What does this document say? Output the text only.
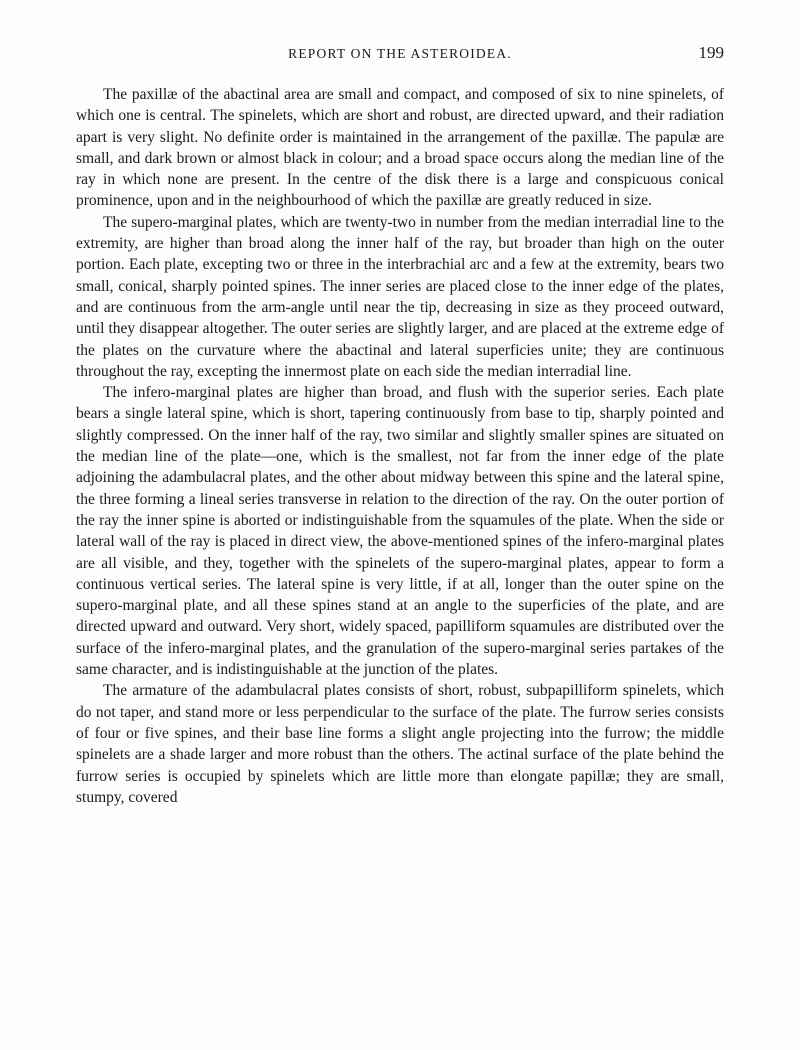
REPORT ON THE ASTEROIDEA.	199

The paxillæ of the abactinal area are small and compact, and composed of six to nine spinelets, of which one is central. The spinelets, which are short and robust, are directed upward, and their radiation apart is very slight. No definite order is maintained in the arrangement of the paxillæ. The papulæ are small, and dark brown or almost black in colour; and a broad space occurs along the median line of the ray in which none are present. In the centre of the disk there is a large and conspicuous conical prominence, upon and in the neighbourhood of which the paxillæ are greatly reduced in size.

The supero-marginal plates, which are twenty-two in number from the median interradial line to the extremity, are higher than broad along the inner half of the ray, but broader than high on the outer portion. Each plate, excepting two or three in the interbrachial arc and a few at the extremity, bears two small, conical, sharply pointed spines. The inner series are placed close to the inner edge of the plates, and are continuous from the arm-angle until near the tip, decreasing in size as they proceed outward, until they disappear altogether. The outer series are slightly larger, and are placed at the extreme edge of the plates on the curvature where the abactinal and lateral superficies unite; they are continuous throughout the ray, excepting the innermost plate on each side the median interradial line.

The infero-marginal plates are higher than broad, and flush with the superior series. Each plate bears a single lateral spine, which is short, tapering continuously from base to tip, sharply pointed and slightly compressed. On the inner half of the ray, two similar and slightly smaller spines are situated on the median line of the plate—one, which is the smallest, not far from the inner edge of the plate adjoining the adambulacral plates, and the other about midway between this spine and the lateral spine, the three forming a lineal series transverse in relation to the direction of the ray. On the outer portion of the ray the inner spine is aborted or indistinguishable from the squamules of the plate. When the side or lateral wall of the ray is placed in direct view, the above-mentioned spines of the infero-marginal plates are all visible, and they, together with the spinelets of the supero-marginal plates, appear to form a continuous vertical series. The lateral spine is very little, if at all, longer than the outer spine on the supero-marginal plate, and all these spines stand at an angle to the superficies of the plate, and are directed upward and outward. Very short, widely spaced, papilliform squamules are distributed over the surface of the infero-marginal plates, and the granulation of the supero-marginal series partakes of the same character, and is indistinguishable at the junction of the plates.

The armature of the adambulacral plates consists of short, robust, subpapilliform spinelets, which do not taper, and stand more or less perpendicular to the surface of the plate. The furrow series consists of four or five spines, and their base line forms a slight angle projecting into the furrow; the middle spinelets are a shade larger and more robust than the others. The actinal surface of the plate behind the furrow series is occupied by spinelets which are little more than elongate papillæ; they are small, stumpy, covered
